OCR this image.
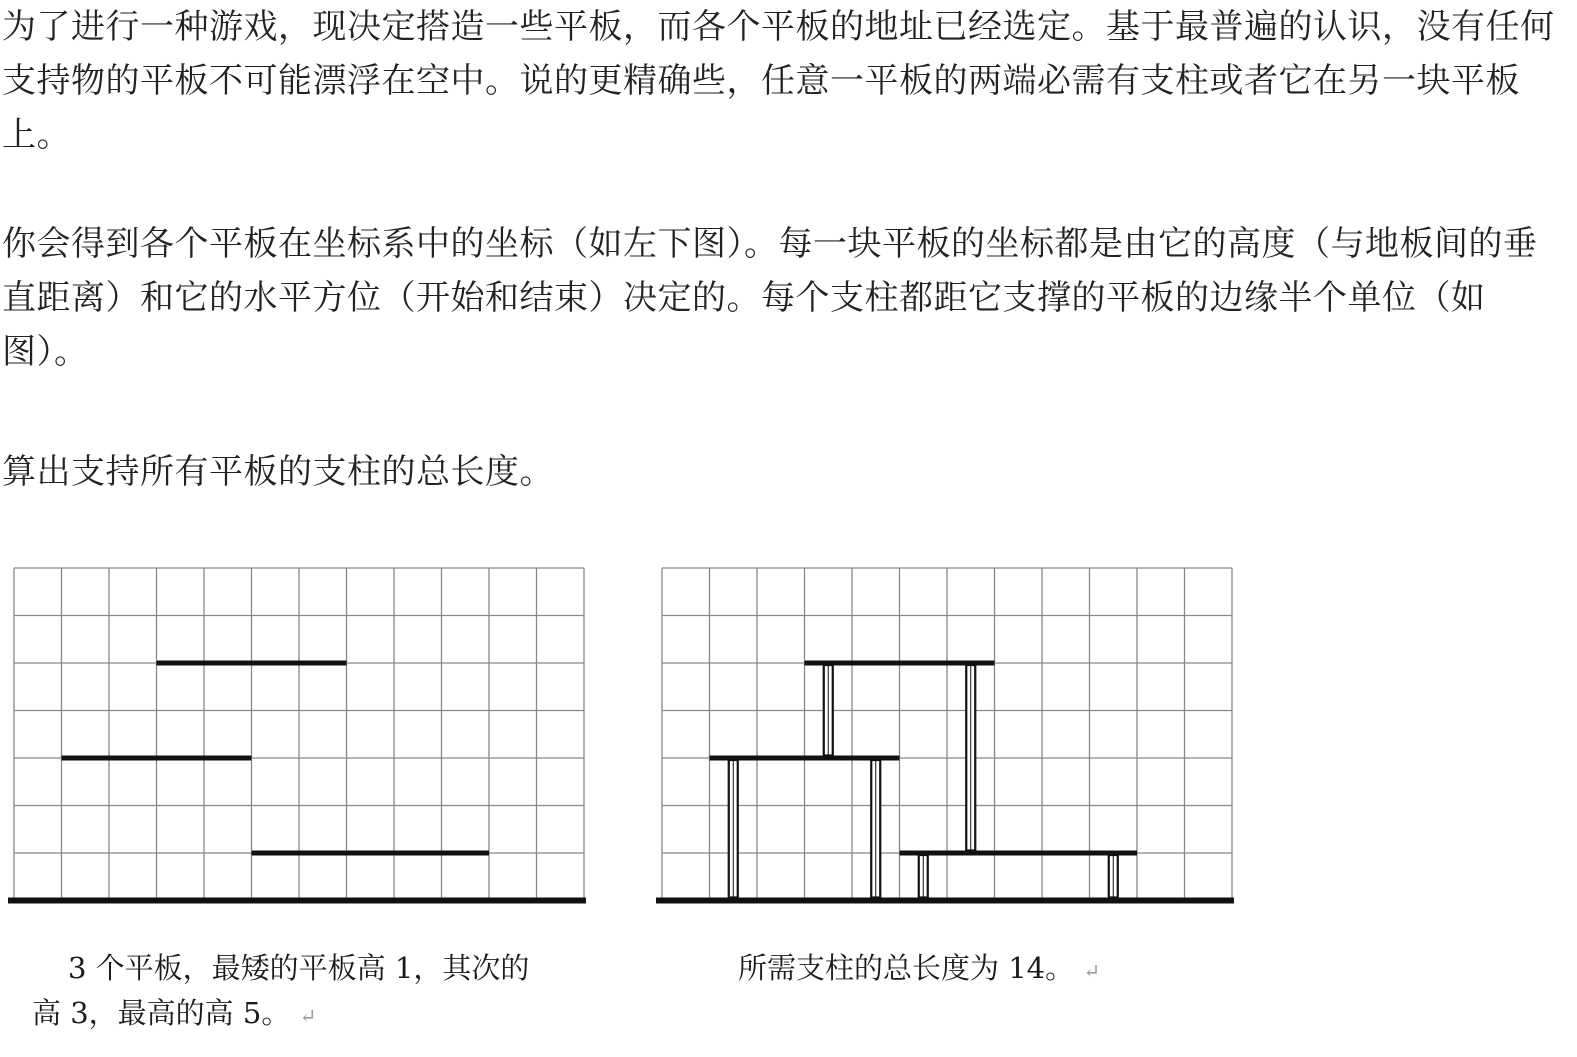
为了进行一种游戏，现决定搭造一些平板，而各个平板的地址已经选定。基于最普遍的认识，没有任何支持物的平板不可能漂浮在空中。说的更精确些，任意一平板的两端必需有支柱或者它在另一块平板上。

你会得到各个平板在坐标系中的坐标（如左下图）。每一块平板的坐标都是由它的高度（与地板间的垂直距离）和它的水平方位（开始和结束）决定的。每个支柱都距它支撑的平板的边缘半个单位（如图）。

算出支持所有平板的支柱的总长度。

3 个平板，最矮的平板高 1，其次的
高 3，最高的高 5。 ↵

所需支柱的总长度为 14。 ↵
